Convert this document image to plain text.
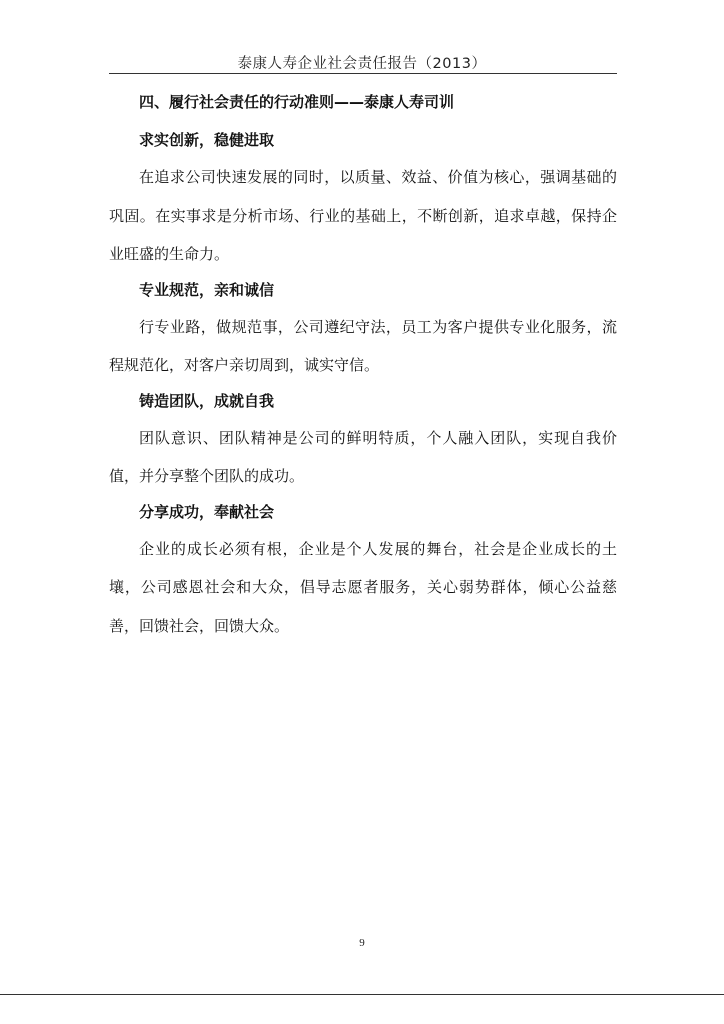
泰康人寿企业社会责任报告（2013）
四、履行社会责任的行动准则——泰康人寿司训
求实创新，稳健进取

在追求公司快速发展的同时，以质量、效益、价值为核心，强调基础的巩固。在实事求是分析市场、行业的基础上，不断创新，追求卓越，保持企业旺盛的生命力。

专业规范，亲和诚信

行专业路，做规范事，公司遵纪守法，员工为客户提供专业化服务，流程规范化，对客户亲切周到，诚实守信。

铸造团队，成就自我

团队意识、团队精神是公司的鲜明特质，个人融入团队，实现自我价值，并分享整个团队的成功。

分享成功，奉献社会

企业的成长必须有根，企业是个人发展的舞台，社会是企业成长的土壤，公司感恩社会和大众，倡导志愿者服务，关心弱势群体，倾心公益慈善，回馈社会，回馈大众。

9
